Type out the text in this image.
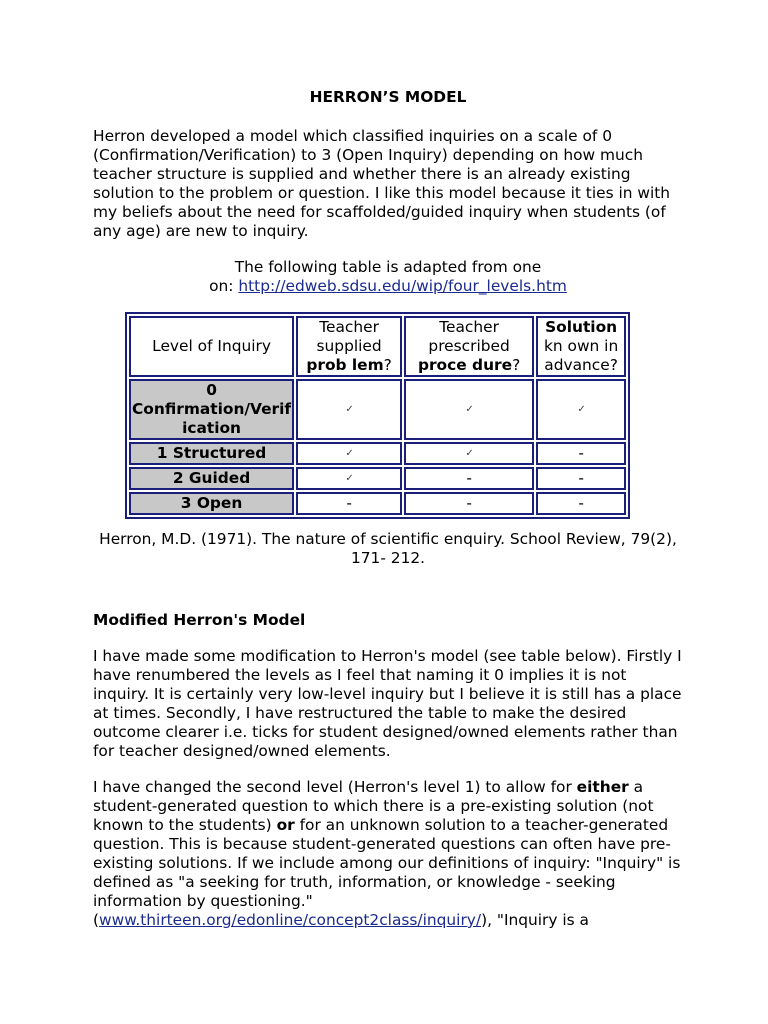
HERRON’S MODEL

Herron developed a model which classified inquiries on a scale of 0 (Confirmation/Verification) to 3 (Open Inquiry) depending on how much teacher structure is supplied and whether there is an already existing solution to the problem or question. I like this model because it ties in with my beliefs about the need for scaffolded/guided inquiry when students (of any age) are new to inquiry.

The following table is adapted from one
on: http://edweb.sdsu.edu/wip/four_levels.htm
Level of Inquiry	Teacher supplied prob lem?	Teacher prescribed proce dure?	Solution kn own in advance?
0 Confirmation/Verif ication	✓	✓	✓
1 Structured	✓	✓	-
2 Guided	✓	-	-
3 Open	-	-	-

Herron, M.D. (1971). The nature of scientific enquiry. School Review, 79(2), 171- 212.

Modified Herron's Model

I have made some modification to Herron's model (see table below). Firstly I have renumbered the levels as I feel that naming it 0 implies it is not inquiry. It is certainly very low-level inquiry but I believe it is still has a place at times. Secondly, I have restructured the table to make the desired outcome clearer i.e. ticks for student designed/owned elements rather than for teacher designed/owned elements.

I have changed the second level (Herron's level 1) to allow for either a student-generated question to which there is a pre-existing solution (not known to the students) or for an unknown solution to a teacher-generated question. This is because student-generated questions can often have pre-existing solutions. If we include among our definitions of inquiry: "Inquiry" is defined as "a seeking for truth, information, or knowledge - seeking information by questioning." (www.thirteen.org/edonline/concept2class/inquiry/), "Inquiry is a
